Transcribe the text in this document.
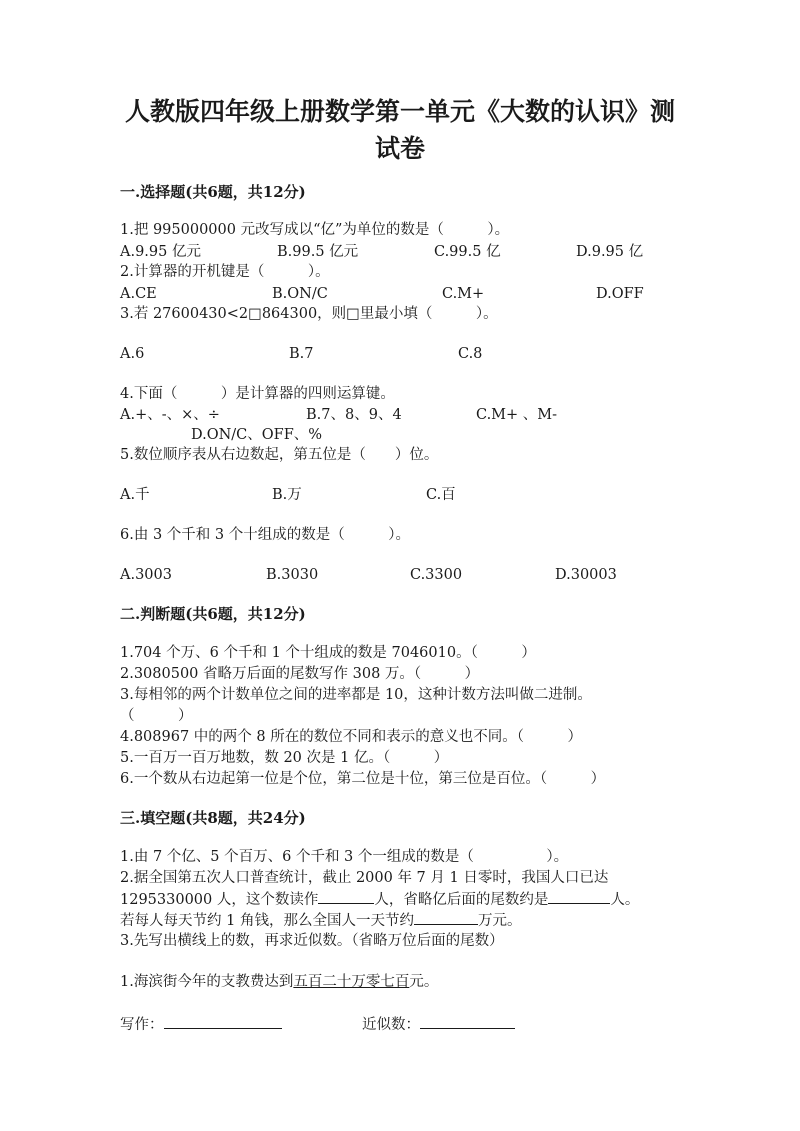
人教版四年级上册数学第一单元《大数的认识》测
试卷
一.选择题(共6题，共12分)
1.把 995000000 元改写成以“亿”为单位的数是（　　　）。
A.9.95 亿元	B.99.5 亿元	C.99.5 亿	D.9.95 亿
2.计算器的开机键是（　　　）。
A.CE	B.ON/C	C.M+	D.OFF
3.若 27600430<2□864300，则□里最小填（　　　）。
A.6	B.7	C.8
4.下面（　　　）是计算器的四则运算键。
A.+、-、×、÷	B.7、8、9、4	C.M+ 、M-
D.ON/C、OFF、%
5.数位顺序表从右边数起，第五位是（　　）位。
A.千	B.万	C.百
6.由 3 个千和 3 个十组成的数是（　　　）。
A.3003	B.3030	C.3300	D.30003
二.判断题(共6题，共12分)
1.704 个万、6 个千和 1 个十组成的数是 7046010。（　　　）
2.3080500 省略万后面的尾数写作 308 万。（　　　）
3.每相邻的两个计数单位之间的进率都是 10，这种计数方法叫做二进制。
（　　　）
4.808967 中的两个 8 所在的数位不同和表示的意义也不同。（　　　）
5.一百万一百万地数，数 20 次是 1 亿。（　　　）
6.一个数从右边起第一位是个位，第二位是十位，第三位是百位。（　　　）
三.填空题(共8题，共24分)
1.由 7 个亿、5 个百万、6 个千和 3 个一组成的数是（　　　　　）。
2.据全国第五次人口普查统计，截止 2000 年 7 月 1 日零时，我国人口已达
1295330000 人，这个数读作	人，省略亿后面的尾数约是	人。
若每人每天节约 1 角钱，那么全国人一天节约	万元。
3.先写出横线上的数，再求近似数。（省略万位后面的尾数）
1.海滨街今年的支教费达到五百二十万零七百元。
写作：	近似数：
